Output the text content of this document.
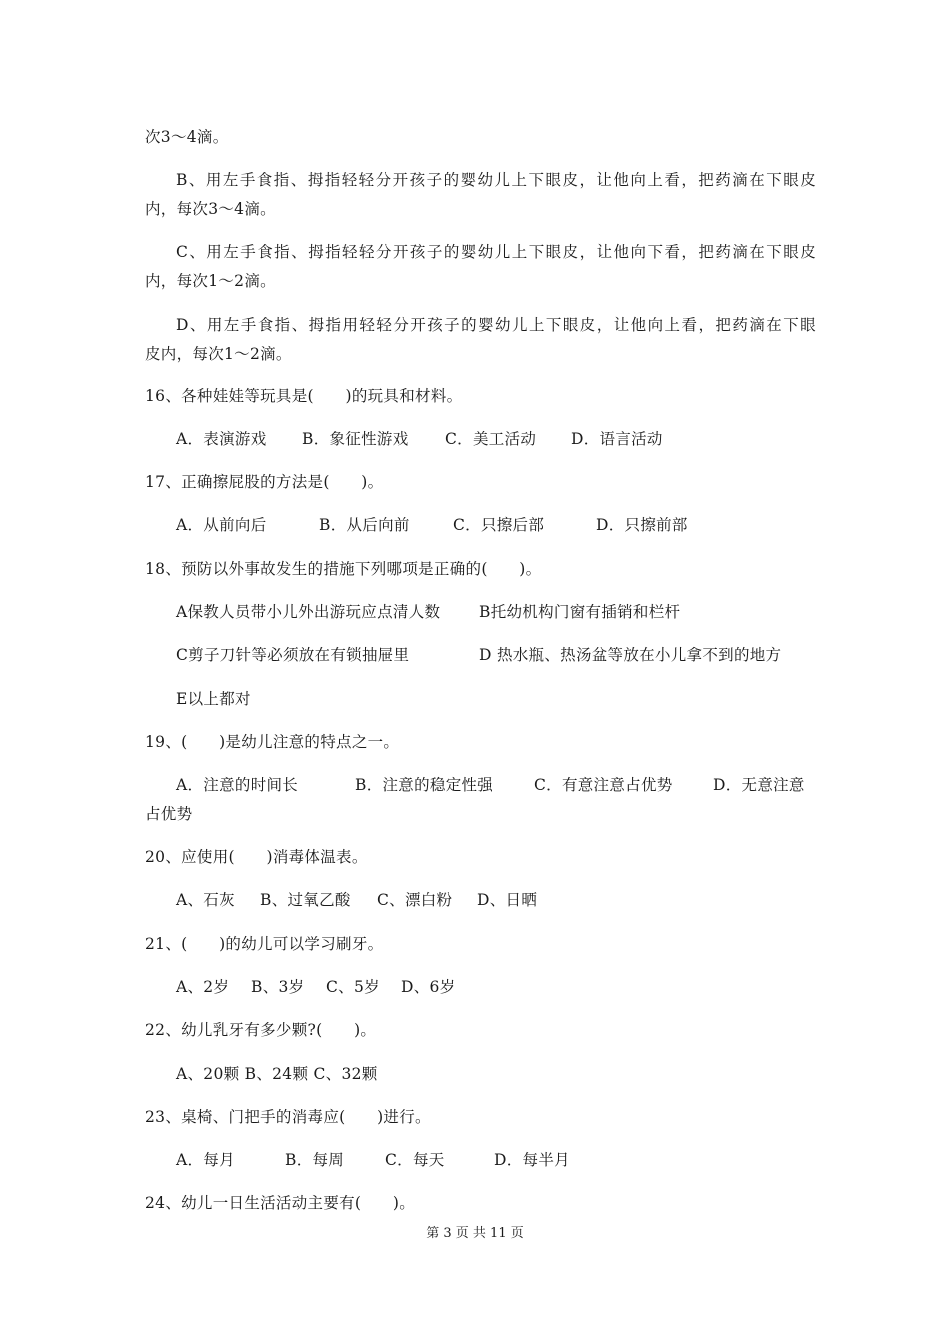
次3～4滴。
B、用左手食指、拇指轻轻分开孩子的婴幼儿上下眼皮，让他向上看，把药滴在下眼皮
内，每次3～4滴。
C、用左手食指、拇指轻轻分开孩子的婴幼儿上下眼皮，让他向下看，把药滴在下眼皮
内，每次1～2滴。
D、用左手食指、拇指用轻轻分开孩子的婴幼儿上下眼皮，让他向上看，把药滴在下眼
皮内，每次1～2滴。
16、各种娃娃等玩具是(　　)的玩具和材料。
A．表演游戏 B．象征性游戏 C．美工活动 D．语言活动
17、正确擦屁股的方法是(　　)。
A．从前向后	B．从后向前	C．只擦后部	D．只擦前部
18、预防以外事故发生的措施下列哪项是正确的(　　)。
A保教人员带小儿外出游玩应点清人数 B托幼机构门窗有插销和栏杆
C剪子刀针等必须放在有锁抽屉里	D 热水瓶、热汤盆等放在小儿拿不到的地方
E以上都对
19、(　　)是幼儿注意的特点之一。
A．注意的时间长	B．注意的稳定性强	C．有意注意占优势	D．无意注意
占优势
20、应使用(　　)消毒体温表。
A、石灰 B、过氧乙酸 C、漂白粉 D、日晒
21、(　　)的幼儿可以学习刷牙。
A、2岁 B、3岁 C、5岁 D、6岁
22、幼儿乳牙有多少颗?(　　)。
A、20颗 B、24颗 C、32颗
23、桌椅、门把手的消毒应(　　)进行。
A．每月	B．每周	C．每天	D．每半月
24、幼儿一日生活活动主要有(　　)。
第 3 页 共 11 页
